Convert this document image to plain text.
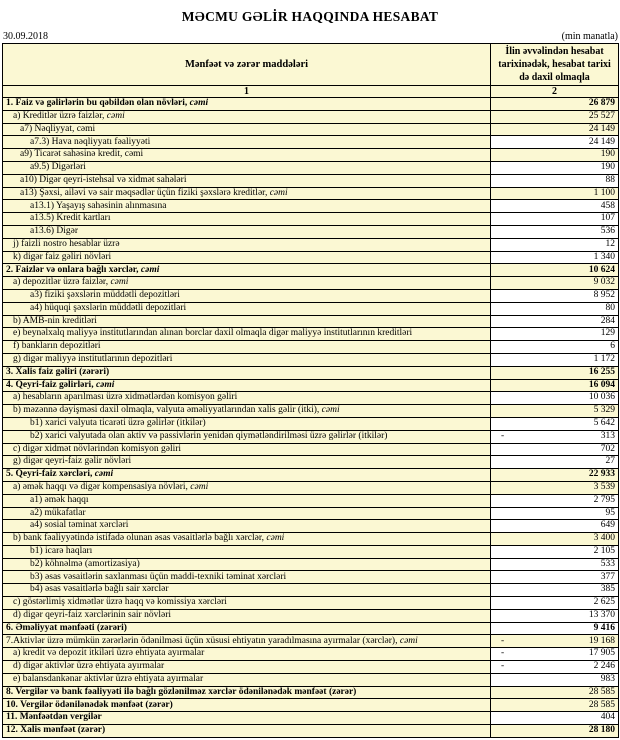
MƏCMU GƏLİR HAQQINDA HESABAT
30.09.2018	(min manatla)
Mənfəət və zərər maddələri	İlin əvvəlindən hesabat tarixinədək, hesabat tarixi də daxil olmaqla
1	2
1. Faiz və gəlirlərin bu qəbildən olan növləri, cəmi	26 879

a) Kreditlər üzrə faizlər, cəmi	25 527

a7) Nəqliyyat, cəmi	24 149

a7.3) Hava nəqliyyatı fəaliyyəti	24 149

a9) Ticarət sahəsinə kredit, cəmi	190

a9.5) Digərləri	190

a10) Digər qeyri-istehsal və xidmət sahələri	88

a13) Şəxsi, ailəvi və sair məqsədlər üçün fiziki şəxslərə kreditlər, cəmi	1 100

a13.1) Yaşayış sahəsinin alınmasına	458

a13.5) Kredit kartları	107

a13.6) Digər	536

j) faizli nostro hesablar üzrə	12

k) digər faiz gəliri növləri	1 340

2. Faizlər və onlara bağlı xərclər, cəmi	10 624

a) depozitlər üzrə faizlər, cəmi	9 032

a3) fiziki şəxslərin müddətli depozitləri	8 952

a4) hüquqi şəxslərin müddətli depozitləri	80

b) AMB-nin kreditləri	284

e) beynəlxalq maliyyə institutlarından alınan borclar daxil olmaqla digər maliyyə institutlarının kreditləri	129

f) bankların depozitləri	6

g) digər maliyyə institutlarının depozitləri	1 172

3. Xalis faiz gəliri (zərəri)	16 255

4. Qeyri-faiz gəlirləri, cəmi	16 094

a) hesabların aparılması üzrə xidmətlərdən komisyon gəliri	10 036

b) məzənnə dəyişməsi daxil olmaqla, valyuta əməliyyatlarından xalis gəlir (itki), cəmi	5 329

b1) xarici valyuta ticarəti üzrə gəlirlər (itkilər)	5 642

b2) xarici valyutada olan aktiv və passivlərin yenidən qiymətləndirilməsi üzrə gəlirlər (itkilər)	- 313

c) digər xidmət növlərindən komisyon gəliri	702

g) digər qeyri-faiz gəlir növləri	27

5. Qeyri-faiz xərcləri, cəmi	22 933

a) əmək haqqı və digər kompensasiya növləri, cəmi	3 539

a1) əmək haqqı	2 795

a2) mükafatlar	95

a4) sosial təminat xərcləri	649

b) bank fəaliyyətində istifadə olunan əsas vəsaitlərlə bağlı xərclər, cəmi	3 400

b1) icarə haqları	2 105

b2) köhnəlmə (amortizasiya)	533

b3) əsas vəsaitlərin saxlanması üçün maddi-texniki təminat xərcləri	377

b4) əsas vəsaitlərlə bağlı sair xərclər	385

c) göstərlimiş xidmətlər üzrə haqq və komissiya xərcləri	2 625

d) digər qeyri-faiz xərclərinin sair növləri	13 370

6. Əməliyyat mənfəəti (zərəri)	9 416

7.Aktivlər üzrə mümkün zərərlərin ödənilməsi üçün xüsusi ehtiyatın yaradılmasına ayırmalar (xərclər), cəmi	- 19 168

a) kredit və depozit itkiləri üzrə ehtiyata ayırmalar	- 17 905

d) digər aktivlər üzrə ehtiyata ayırmalar	- 2 246

e) balansdankənar aktivlər üzrə ehtiyata ayırmalar	983

8. Vergilər və bank fəaliyyəti ilə bağlı gözlənilməz xərclər ödənilənədək mənfəət (zərər)	28 585

10. Vergilər ödənilənədək mənfəət (zərər)	28 585

11. Mənfəətdən vergilər	404

12. Xalis mənfəət (zərər)	28 180
